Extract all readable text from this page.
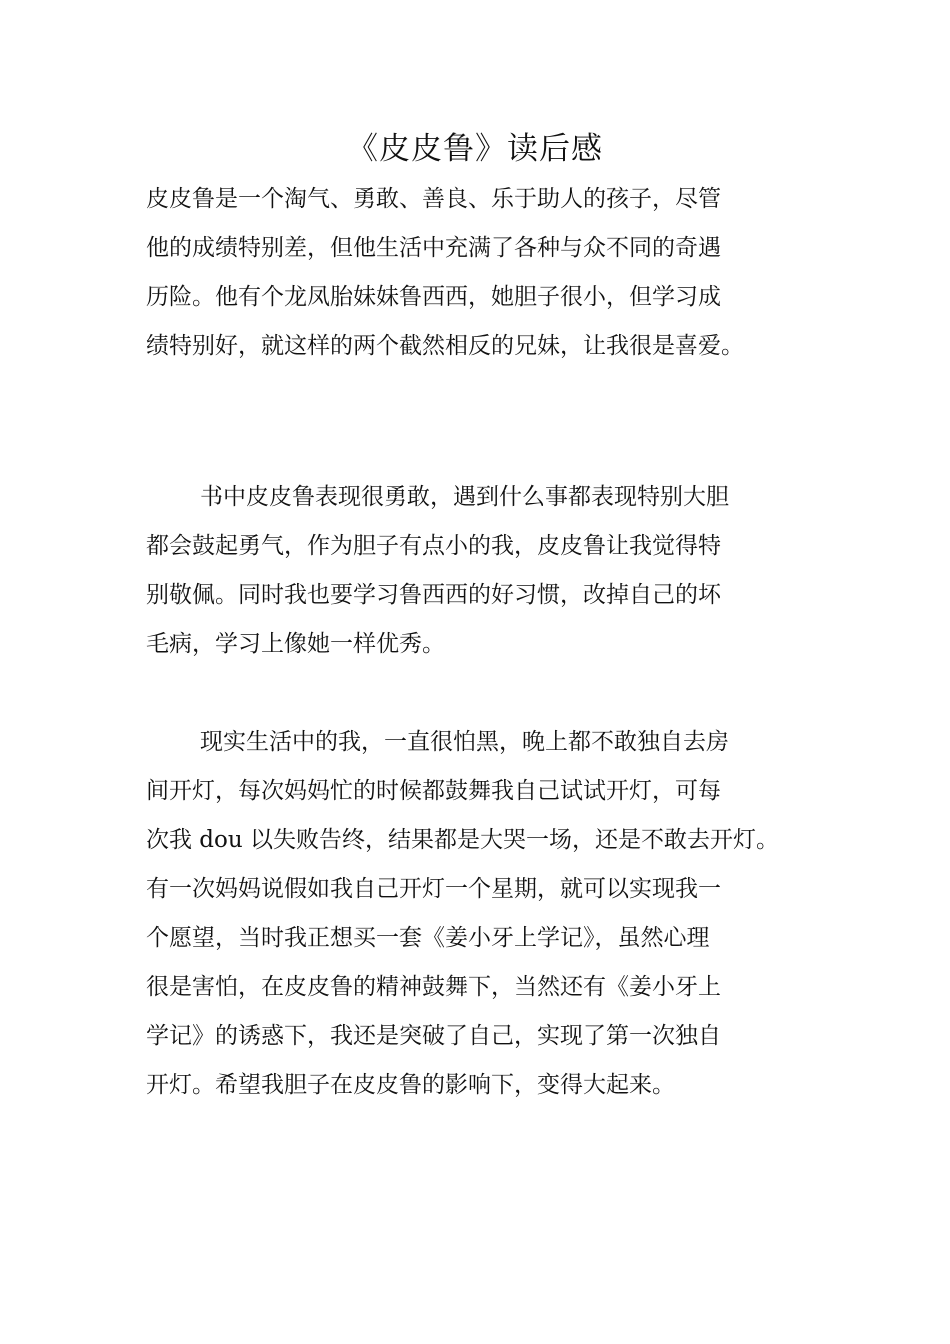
《皮皮鲁》读后感
皮皮鲁是一个淘气、勇敢、善良、乐于助人的孩子，尽管
他的成绩特别差，但他生活中充满了各种与众不同的奇遇
历险。他有个龙凤胎妹妹鲁西西，她胆子很小，但学习成
绩特别好，就这样的两个截然相反的兄妹，让我很是喜爱。
书中皮皮鲁表现很勇敢，遇到什么事都表现特别大胆
都会鼓起勇气，作为胆子有点小的我，皮皮鲁让我觉得特
别敬佩。同时我也要学习鲁西西的好习惯，改掉自己的坏
毛病，学习上像她一样优秀。
现实生活中的我，一直很怕黑，晚上都不敢独自去房
间开灯，每次妈妈忙的时候都鼓舞我自己试试开灯，可每
次我 dou 以失败告终，结果都是大哭一场，还是不敢去开灯。
有一次妈妈说假如我自己开灯一个星期，就可以实现我一
个愿望，当时我正想买一套《姜小牙上学记》，虽然心理
很是害怕，在皮皮鲁的精神鼓舞下，当然还有《姜小牙上
学记》的诱惑下，我还是突破了自己，实现了第一次独自
开灯。希望我胆子在皮皮鲁的影响下，变得大起来。
